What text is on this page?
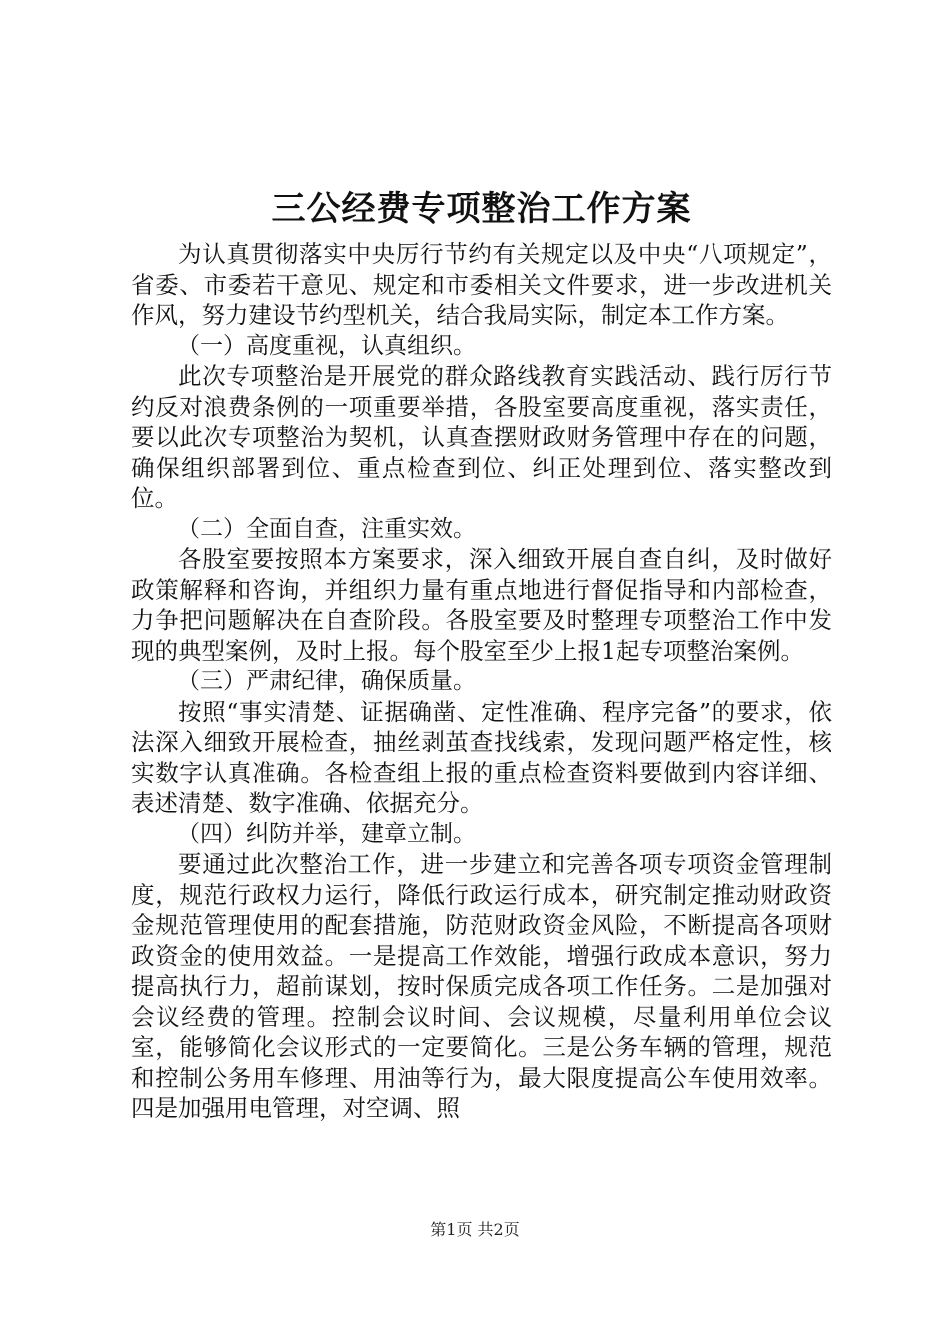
三公经费专项整治工作方案

为认真贯彻落实中央厉行节约有关规定以及中央“八项规定”，省委、市委若干意见、规定和市委相关文件要求，进一步改进机关作风，努力建设节约型机关，结合我局实际，制定本工作方案。

（一）高度重视，认真组织。

此次专项整治是开展党的群众路线教育实践活动、践行厉行节约反对浪费条例的一项重要举措，各股室要高度重视，落实责任，要以此次专项整治为契机，认真查摆财政财务管理中存在的问题，确保组织部署到位、重点检查到位、纠正处理到位、落实整改到位。

（二）全面自查，注重实效。

各股室要按照本方案要求，深入细致开展自查自纠，及时做好政策解释和咨询，并组织力量有重点地进行督促指导和内部检查，力争把问题解决在自查阶段。各股室要及时整理专项整治工作中发现的典型案例，及时上报。每个股室至少上报1起专项整治案例。

（三）严肃纪律，确保质量。

按照“事实清楚、证据确凿、定性准确、程序完备”的要求，依法深入细致开展检查，抽丝剥茧查找线索，发现问题严格定性，核实数字认真准确。各检查组上报的重点检查资料要做到内容详细、表述清楚、数字准确、依据充分。

（四）纠防并举，建章立制。

要通过此次整治工作，进一步建立和完善各项专项资金管理制度，规范行政权力运行，降低行政运行成本，研究制定推动财政资金规范管理使用的配套措施，防范财政资金风险，不断提高各项财政资金的使用效益。一是提高工作效能，增强行政成本意识，努力提高执行力，超前谋划，按时保质完成各项工作任务。二是加强对会议经费的管理。控制会议时间、会议规模，尽量利用单位会议室，能够简化会议形式的一定要简化。三是公务车辆的管理，规范和控制公务用车修理、用油等行为，最大限度提高公车使用效率。四是加强用电管理，对空调、照

第1页 共2页
